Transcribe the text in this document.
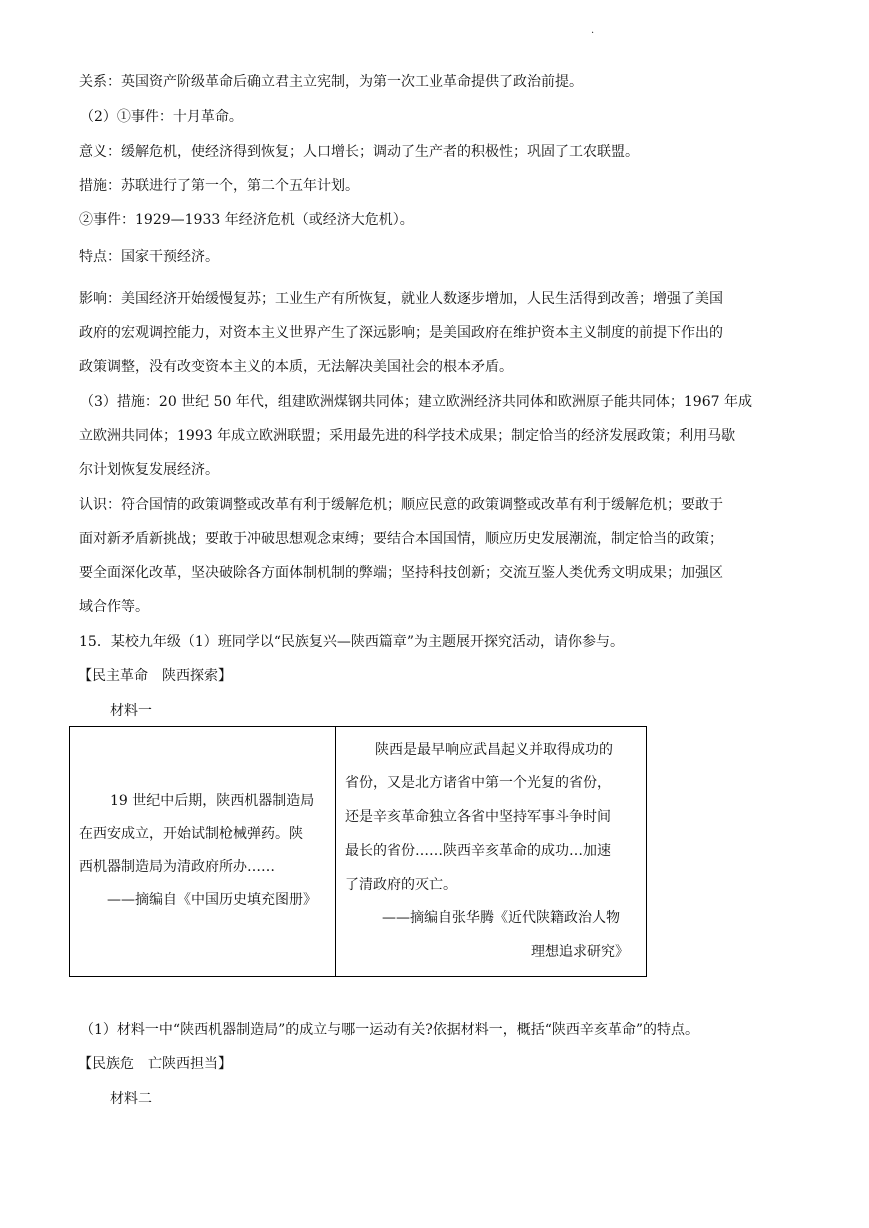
·
关系：英国资产阶级革命后确立君主立宪制，为第一次工业革命提供了政治前提。
（2）①事件：十月革命。
意义：缓解危机，使经济得到恢复；人口增长；调动了生产者的积极性；巩固了工农联盟。
措施：苏联进行了第一个，第二个五年计划。
②事件：1929—1933 年经济危机（或经济大危机）。
特点：国家干预经济。
影响：美国经济开始缓慢复苏；工业生产有所恢复，就业人数逐步增加，人民生活得到改善；增强了美国
政府的宏观调控能力，对资本主义世界产生了深远影响；是美国政府在维护资本主义制度的前提下作出的
政策调整，没有改变资本主义的本质，无法解决美国社会的根本矛盾。
（3）措施：20 世纪 50 年代，组建欧洲煤钢共同体；建立欧洲经济共同体和欧洲原子能共同体；1967 年成
立欧洲共同体；1993 年成立欧洲联盟；采用最先进的科学技术成果；制定恰当的经济发展政策；利用马歇
尔计划恢复发展经济。
认识：符合国情的政策调整或改革有利于缓解危机；顺应民意的政策调整或改革有利于缓解危机；要敢于
面对新矛盾新挑战；要敢于冲破思想观念束缚；要结合本国国情，顺应历史发展潮流，制定恰当的政策；
要全面深化改革，坚决破除各方面体制机制的弊端；坚持科技创新；交流互鉴人类优秀文明成果；加强区
域合作等。
15．某校九年级（1）班同学以“民族复兴—陕西篇章”为主题展开探究活动，请你参与。
【民主革命　陕西探索】
材料一
19 世纪中后期，陕西机器制造局
在西安成立，开始试制枪械弹药。陕
西机器制造局为清政府所办……
——摘编自《中国历史填充图册》

陕西是最早响应武昌起义并取得成功的
省份，又是北方诸省中第一个光复的省份，
还是辛亥革命独立各省中坚持军事斗争时间
最长的省份……陕西辛亥革命的成功…加速
了清政府的灭亡。
——摘编自张华腾《近代陕籍政治人物
理想追求研究》
（1）材料一中“陕西机器制造局”的成立与哪一运动有关?依据材料一，概括“陕西辛亥革命”的特点。
【民族危　亡陕西担当】
材料二
